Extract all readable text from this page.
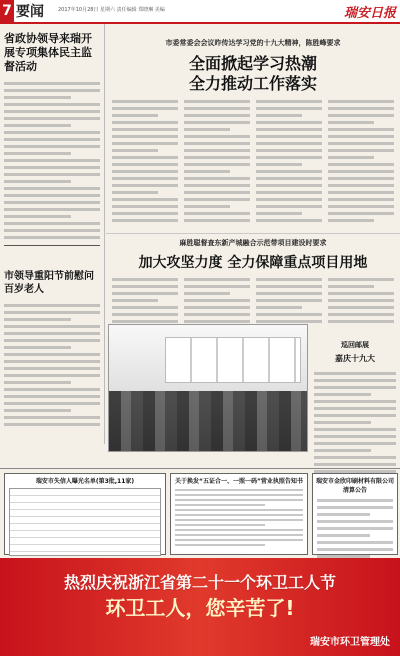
7 要闻	2017年10月28日 星期六 责任编辑 郑晓琳 美编	瑞安日报
省政协领导来瑞开展专项集体民主监督活动
市领导重阳节前慰问百岁老人
市委常委会会议昨传达学习党的十九大精神，陈胜峰要求
全面掀起学习热潮
全力推动工作落实
麻胜聪督查东新产城融合示范带项目建设时要求
加大攻坚力度 全力保障重点项目用地
巡回邮展
嘉庆十九大
瑞安市失信人曝光名单(第3批,11家)	关于换发“五证合一、一照一码”营业执照告知书	瑞安市金欣印刷材料有限公司清算公告
热烈庆祝浙江省第二十一个环卫工人节
环卫工人，您辛苦了!
瑞安市环卫管理处
